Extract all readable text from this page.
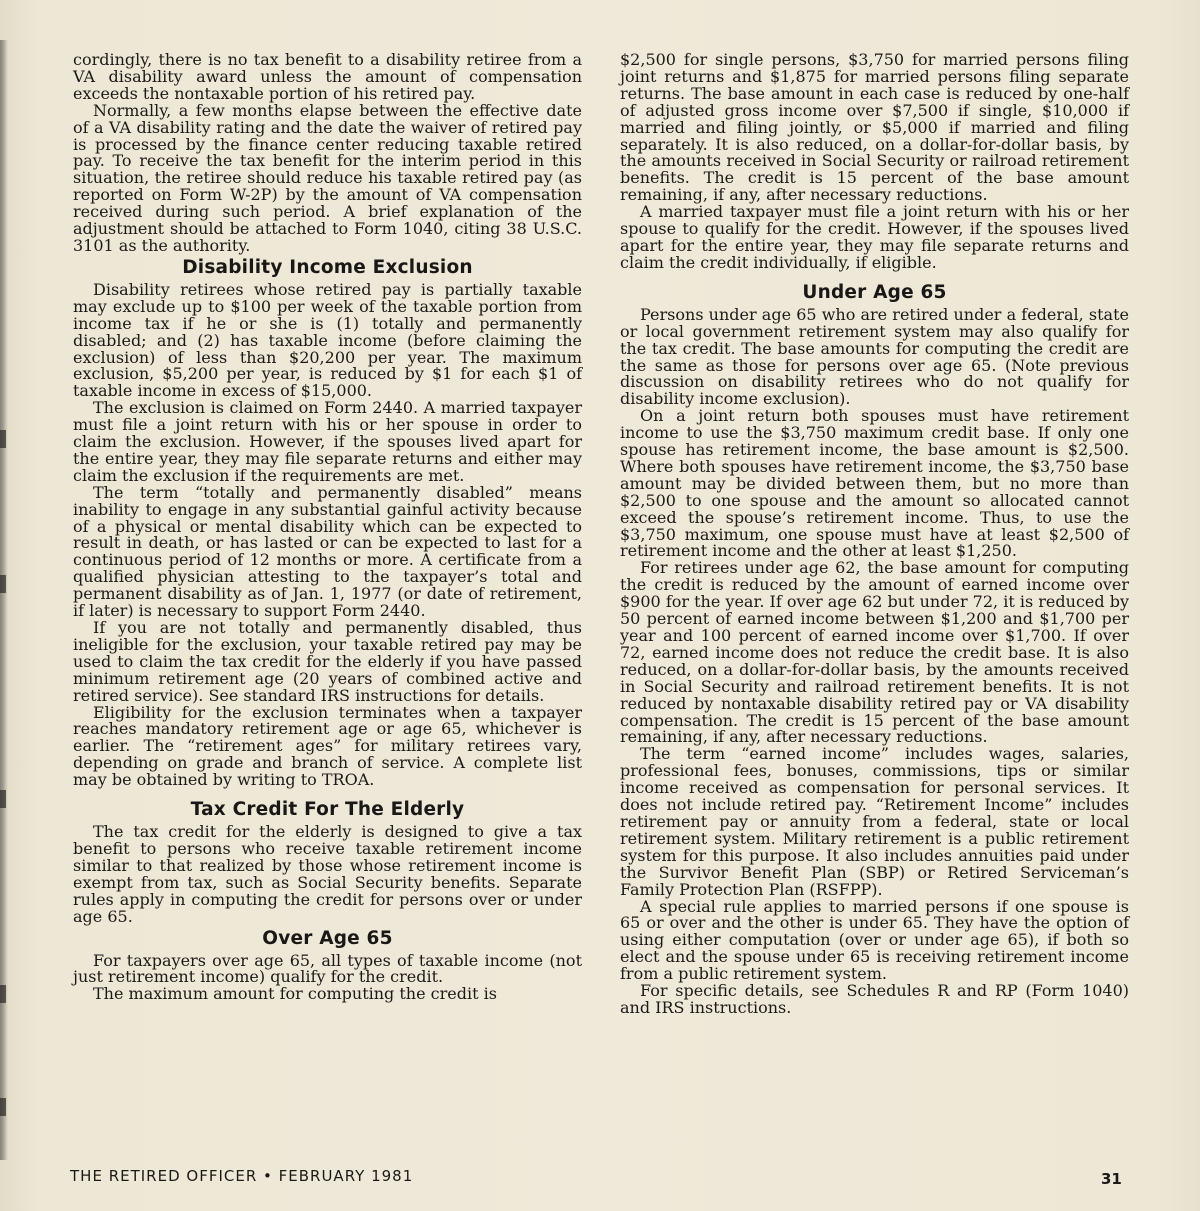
cordingly, there is no tax benefit to a disability retiree from a VA disability award unless the amount of compensation exceeds the nontaxable portion of his retired pay.

Normally, a few months elapse between the effective date of a VA disability rating and the date the waiver of retired pay is processed by the finance center reducing taxable retired pay. To receive the tax benefit for the interim period in this situation, the retiree should reduce his taxable retired pay (as reported on Form W-2P) by the amount of VA compensation received during such period. A brief explanation of the adjustment should be attached to Form 1040, citing 38 U.S.C. 3101 as the authority.

Disability Income Exclusion

Disability retirees whose retired pay is partially taxable may exclude up to $100 per week of the taxable portion from income tax if he or she is (1) totally and permanently disabled; and (2) has taxable income (before claiming the exclusion) of less than $20,200 per year. The maximum exclusion, $5,200 per year, is reduced by $1 for each $1 of taxable income in excess of $15,000.

The exclusion is claimed on Form 2440. A married taxpayer must file a joint return with his or her spouse in order to claim the exclusion. However, if the spouses lived apart for the entire year, they may file separate returns and either may claim the exclusion if the requirements are met.

The term “totally and permanently disabled” means inability to engage in any substantial gainful activity because of a physical or mental disability which can be expected to result in death, or has lasted or can be expected to last for a continuous period of 12 months or more. A certificate from a qualified physician attesting to the taxpayer’s total and permanent disability as of Jan. 1, 1977 (or date of retirement, if later) is necessary to support Form 2440.

If you are not totally and permanently disabled, thus ineligible for the exclusion, your taxable retired pay may be used to claim the tax credit for the elderly if you have passed minimum retirement age (20 years of combined active and retired service). See standard IRS instructions for details.

Eligibility for the exclusion terminates when a taxpayer reaches mandatory retirement age or age 65, whichever is earlier. The “retirement ages” for military retirees vary, depending on grade and branch of service. A complete list may be obtained by writing to TROA.

Tax Credit For The Elderly

The tax credit for the elderly is designed to give a tax benefit to persons who receive taxable retirement income similar to that realized by those whose retirement income is exempt from tax, such as Social Security benefits. Separate rules apply in computing the credit for persons over or under age 65.

Over Age 65

For taxpayers over age 65, all types of taxable income (not just retirement income) qualify for the credit.

The maximum amount for computing the credit is

$2,500 for single persons, $3,750 for married persons filing joint returns and $1,875 for married persons filing separate returns. The base amount in each case is reduced by one-half of adjusted gross income over $7,500 if single, $10,000 if married and filing jointly, or $5,000 if married and filing separately. It is also reduced, on a dollar-for-dollar basis, by the amounts received in Social Security or railroad retirement benefits. The credit is 15 percent of the base amount remaining, if any, after necessary reductions.

A married taxpayer must file a joint return with his or her spouse to qualify for the credit. However, if the spouses lived apart for the entire year, they may file separate returns and claim the credit individually, if eligible.

Under Age 65

Persons under age 65 who are retired under a federal, state or local government retirement system may also qualify for the tax credit. The base amounts for computing the credit are the same as those for persons over age 65. (Note previous discussion on disability retirees who do not qualify for disability income exclusion).

On a joint return both spouses must have retirement income to use the $3,750 maximum credit base. If only one spouse has retirement income, the base amount is $2,500. Where both spouses have retirement income, the $3,750 base amount may be divided between them, but no more than $2,500 to one spouse and the amount so allocated cannot exceed the spouse’s retirement income. Thus, to use the $3,750 maximum, one spouse must have at least $2,500 of retirement income and the other at least $1,250.

For retirees under age 62, the base amount for computing the credit is reduced by the amount of earned income over $900 for the year. If over age 62 but under 72, it is reduced by 50 percent of earned income between $1,200 and $1,700 per year and 100 percent of earned income over $1,700. If over 72, earned income does not reduce the credit base. It is also reduced, on a dollar-for-dollar basis, by the amounts received in Social Security and railroad retirement benefits. It is not reduced by nontaxable disability retired pay or VA disability compensation. The credit is 15 percent of the base amount remaining, if any, after necessary reductions.

The term “earned income” includes wages, salaries, professional fees, bonuses, commissions, tips or similar income received as compensation for personal services. It does not include retired pay. “Retirement Income” includes retirement pay or annuity from a federal, state or local retirement system. Military retirement is a public retirement system for this purpose. It also includes annuities paid under the Survivor Benefit Plan (SBP) or Retired Serviceman’s Family Protection Plan (RSFPP).

A special rule applies to married persons if one spouse is 65 or over and the other is under 65. They have the option of using either computation (over or under age 65), if both so elect and the spouse under 65 is receiving retirement income from a public retirement system.

For specific details, see Schedules R and RP (Form 1040) and IRS instructions.

THE RETIRED OFFICER • FEBRUARY 1981	31
